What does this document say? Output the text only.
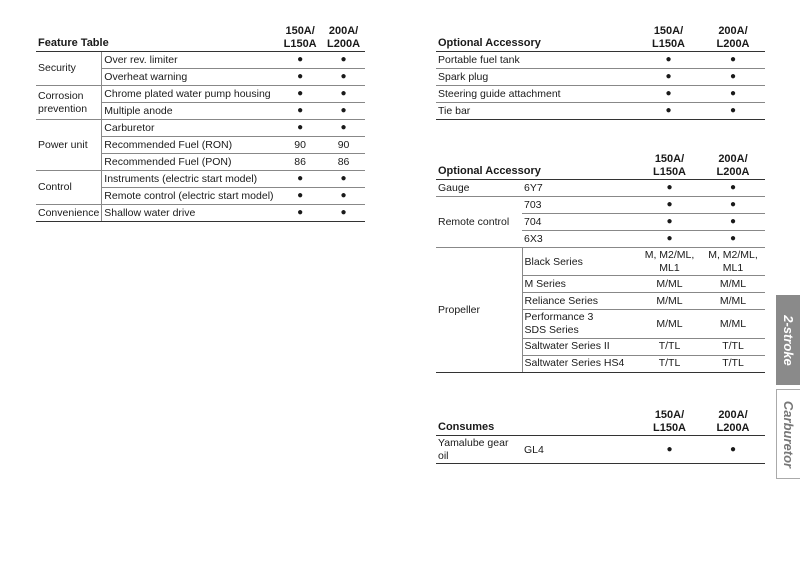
Feature Table		150A/
L150A	200A/
L200A
Security	Over rev. limiter	●	●
	Overheat warning	●	●
Corrosion
prevention	Chrome plated water pump housing	●	●
	Multiple anode	●	●
Power unit	Carburetor	●	●
	Recommended Fuel (RON)	90	90
	Recommended Fuel (PON)	86	86
Control	Instruments (electric start model)	●	●
	Remote control (electric start model)	●	●
Convenience	Shallow water drive	●	●
Optional Accessory	150A/
L150A	200A/
L200A
Portable fuel tank	●	●
Spark plug	●	●
Steering guide attachment	●	●
Tie bar	●	●
Optional Accessory		150A/
L150A	200A/
L200A
Gauge	6Y7	●	●
Remote control	703	●	●
	704	●	●
	6X3	●	●
Propeller	Black Series	M, M2/ML,
ML1	M, M2/ML,
ML1
	M Series	M/ML	M/ML
	Reliance Series	M/ML	M/ML
	Performance 3
SDS Series	M/ML	M/ML
	Saltwater Series II	T/TL	T/TL
	Saltwater Series HS4	T/TL	T/TL
Consumes		150A/
L150A	200A/
L200A
Yamalube gear oil	GL4	●	●
2-stroke
Carburetor
